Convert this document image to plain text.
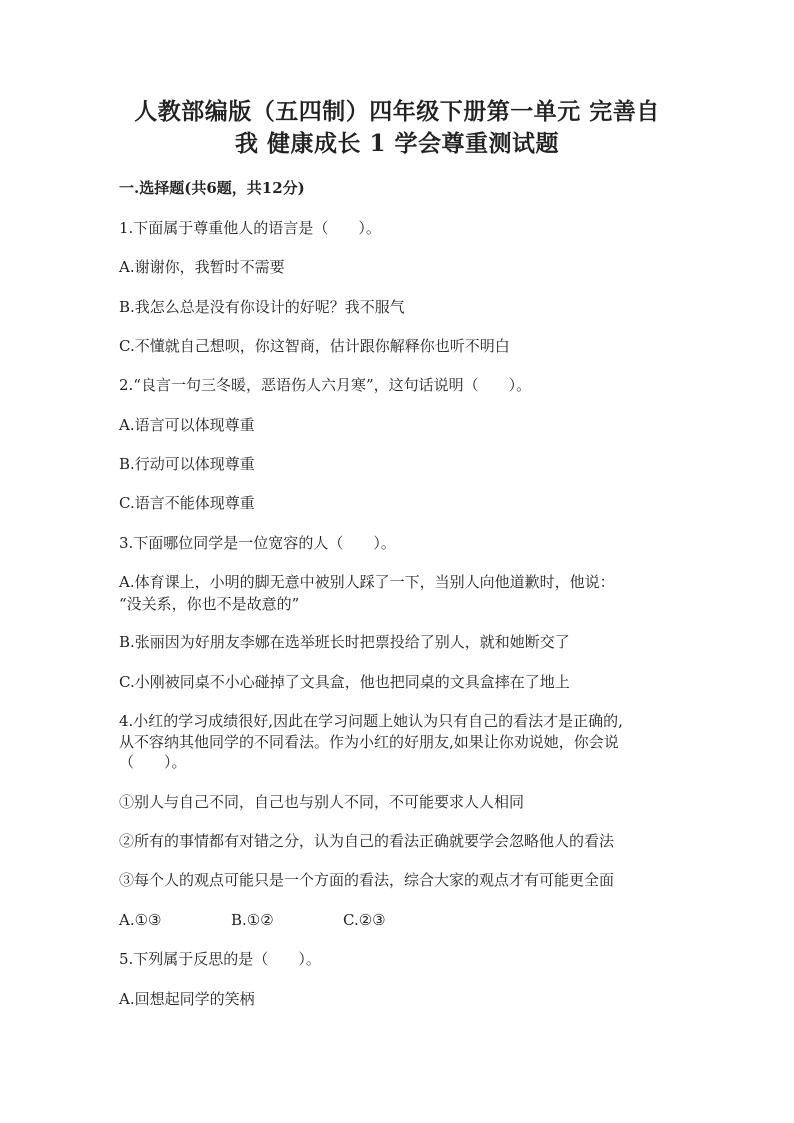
人教部编版（五四制）四年级下册第一单元 完善自
我 健康成长 1 学会尊重测试题
一.选择题(共6题，共12分)
1.下面属于尊重他人的语言是（　　）。
A.谢谢你，我暂时不需要
B.我怎么总是没有你设计的好呢？我不服气
C.不懂就自己想呗，你这智商，估计跟你解释你也听不明白
2.“良言一句三冬暖，恶语伤人六月寒”，这句话说明（　　）。
A.语言可以体现尊重
B.行动可以体现尊重
C.语言不能体现尊重
3.下面哪位同学是一位宽容的人（　　）。
A.体育课上，小明的脚无意中被别人踩了一下，当别人向他道歉时，他说：
“没关系，你也不是故意的”
B.张丽因为好朋友李娜在选举班长时把票投给了别人，就和她断交了
C.小刚被同桌不小心碰掉了文具盒，他也把同桌的文具盒摔在了地上
4.小红的学习成绩很好,因此在学习问题上她认为只有自己的看法才是正确的,
从不容纳其他同学的不同看法。作为小红的好朋友,如果让你劝说她，你会说
（　　）。
①别人与自己不同，自己也与别人不同，不可能要求人人相同
②所有的事情都有对错之分，认为自己的看法正确就要学会忽略他人的看法
③每个人的观点可能只是一个方面的看法，综合大家的观点才有可能更全面
A.①③	B.①②	C.②③
5.下列属于反思的是（　　）。
A.回想起同学的笑柄
